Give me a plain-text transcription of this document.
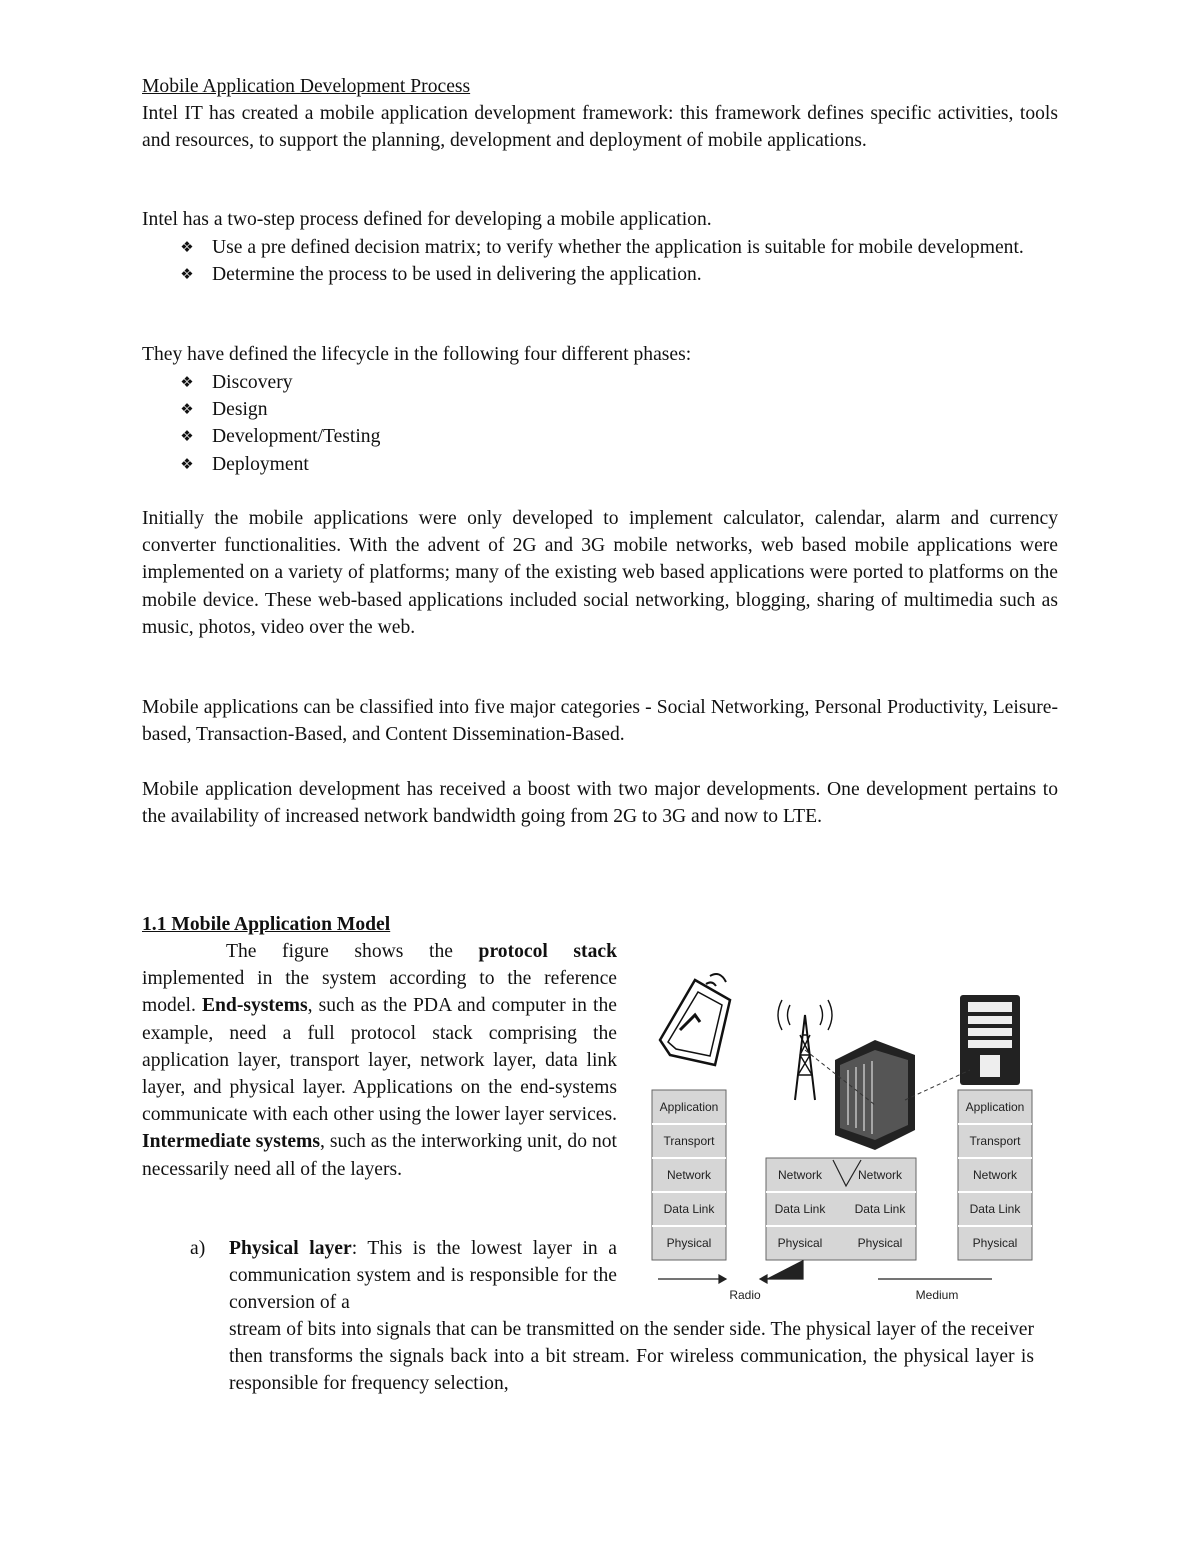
Mobile Application Development Process
Intel IT has created a mobile application development framework: this framework defines specific activities, tools and resources, to support the planning, development and deployment of mobile applications.
Intel has a two-step process defined for developing a mobile application.
❖ Use a pre defined decision matrix; to verify whether the application is suitable for mobile development.
❖ Determine the process to be used in delivering the application.
They have defined the lifecycle in the following four different phases:
❖ Discovery
❖ Design
❖ Development/Testing
❖ Deployment
Initially the mobile applications were only developed to implement calculator, calendar, alarm and currency converter functionalities. With the advent of 2G and 3G mobile networks, web based mobile applications were implemented on a variety of platforms; many of the existing web based applications were ported to platforms on the mobile device. These web-based applications included social networking, blogging, sharing of multimedia such as music, photos, video over the web.
Mobile applications can be classified into five major categories - Social Networking, Personal Productivity, Leisure-based, Transaction-Based, and Content Dissemination-Based.
Mobile application development has received a boost with two major developments. One development pertains to the availability of increased network bandwidth going from 2G to 3G and now to LTE.
1.1 Mobile Application Model
The figure shows the protocol stack implemented in the system according to the reference model. End-systems, such as the PDA and computer in the example, need a full protocol stack comprising the application layer, transport layer, network layer, data link layer, and physical layer. Applications on the end-systems communicate with each other using the lower layer services. Intermediate systems, such as the interworking unit, do not necessarily need all of the layers.
a) Physical layer: This is the lowest layer in a communication system and is responsible for the conversion of a
stream of bits into signals that can be transmitted on the sender side. The physical layer of the receiver then transforms the signals back into a bit stream. For wireless communication, the physical layer is responsible for frequency selection,
Application
Transport
Network
Data Link
Physical
Network
Data Link
Physical
Network
Data Link
Physical
Application
Transport
Network
Data Link
Physical
Radio	Medium
